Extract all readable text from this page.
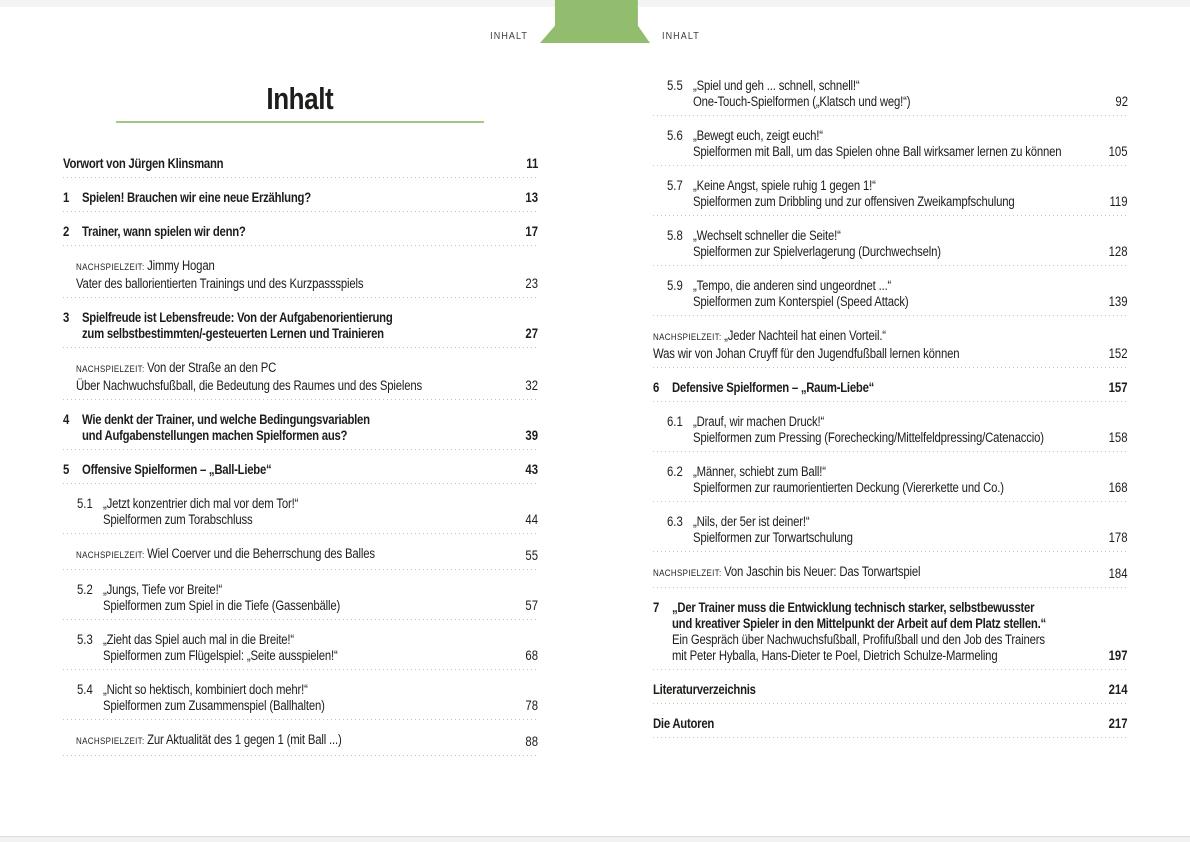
INHALT	INHALT
Inhalt
Vorwort von Jürgen Klinsmann	11
1 Spielen! Brauchen wir eine neue Erzählung?	13
2 Trainer, wann spielen wir denn?	17
NACHSPIELZEIT: Jimmy Hogan
Vater des ballorientierten Trainings und des Kurzpassspiels	23
3 Spielfreude ist Lebensfreude: Von der Aufgabenorientierung
zum selbstbestimmten/-gesteuerten Lernen und Trainieren	27
NACHSPIELZEIT: Von der Straße an den PC
Über Nachwuchsfußball, die Bedeutung des Raumes und des Spielens	32
4 Wie denkt der Trainer, und welche Bedingungsvariablen
und Aufgabenstellungen machen Spielformen aus?	39
5 Offensive Spielformen – „Ball-Liebe“	43
5.1 „Jetzt konzentrier dich mal vor dem Tor!“
Spielformen zum Torabschluss	44
NACHSPIELZEIT: Wiel Coerver und die Beherrschung des Balles	55
5.2 „Jungs, Tiefe vor Breite!“
Spielformen zum Spiel in die Tiefe (Gassenbälle)	57
5.3 „Zieht das Spiel auch mal in die Breite!“
Spielformen zum Flügelspiel: „Seite ausspielen!“	68
5.4 „Nicht so hektisch, kombiniert doch mehr!“
Spielformen zum Zusammenspiel (Ballhalten)	78
NACHSPIELZEIT: Zur Aktualität des 1 gegen 1 (mit Ball ...)	88
5.5 „Spiel und geh ... schnell, schnell!“
One-Touch-Spielformen („Klatsch und weg!“)	92
5.6 „Bewegt euch, zeigt euch!“
Spielformen mit Ball, um das Spielen ohne Ball wirksamer lernen zu können	105
5.7 „Keine Angst, spiele ruhig 1 gegen 1!“
Spielformen zum Dribbling und zur offensiven Zweikampfschulung	119
5.8 „Wechselt schneller die Seite!“
Spielformen zur Spielverlagerung (Durchwechseln)	128
5.9 „Tempo, die anderen sind ungeordnet ...“
Spielformen zum Konterspiel (Speed Attack)	139
NACHSPIELZEIT: „Jeder Nachteil hat einen Vorteil.“
Was wir von Johan Cruyff für den Jugendfußball lernen können	152
6 Defensive Spielformen – „Raum-Liebe“	157
6.1 „Drauf, wir machen Druck!“
Spielformen zum Pressing (Forechecking/Mittelfeldpressing/Catenaccio)	158
6.2 „Männer, schiebt zum Ball!“
Spielformen zur raumorientierten Deckung (Viererkette und Co.)	168
6.3 „Nils, der 5er ist deiner!“
Spielformen zur Torwartschulung	178
NACHSPIELZEIT: Von Jaschin bis Neuer: Das Torwartspiel	184
7 „Der Trainer muss die Entwicklung technisch starker, selbstbewusster
und kreativer Spieler in den Mittelpunkt der Arbeit auf dem Platz stellen.“
Ein Gespräch über Nachwuchsfußball, Profifußball und den Job des Trainers
mit Peter Hyballa, Hans-Dieter te Poel, Dietrich Schulze-Marmeling	197
Literaturverzeichnis	214
Die Autoren	217
